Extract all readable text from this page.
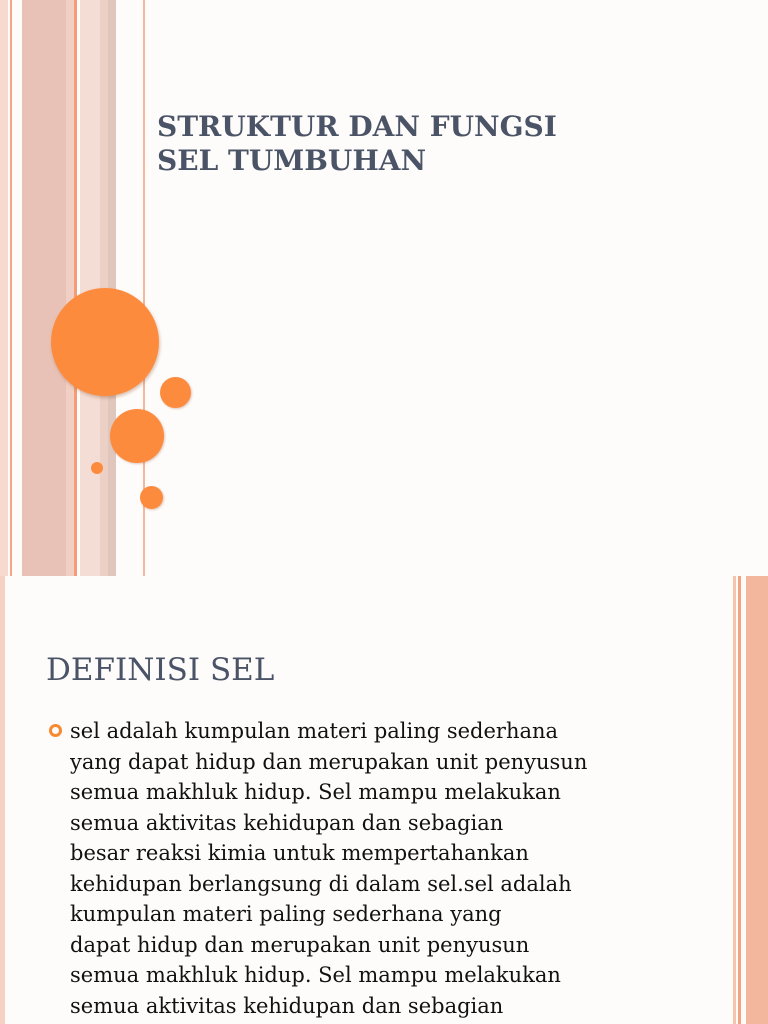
STRUKTUR DAN FUNGSI
SEL TUMBUHAN
DEFINISI SEL
sel adalah kumpulan materi paling sederhana
yang dapat hidup dan merupakan unit penyusun
semua makhluk hidup. Sel mampu melakukan
semua aktivitas kehidupan dan sebagian
besar reaksi kimia untuk mempertahankan
kehidupan berlangsung di dalam sel.sel adalah
kumpulan materi paling sederhana yang
dapat hidup dan merupakan unit penyusun
semua makhluk hidup. Sel mampu melakukan
semua aktivitas kehidupan dan sebagian
